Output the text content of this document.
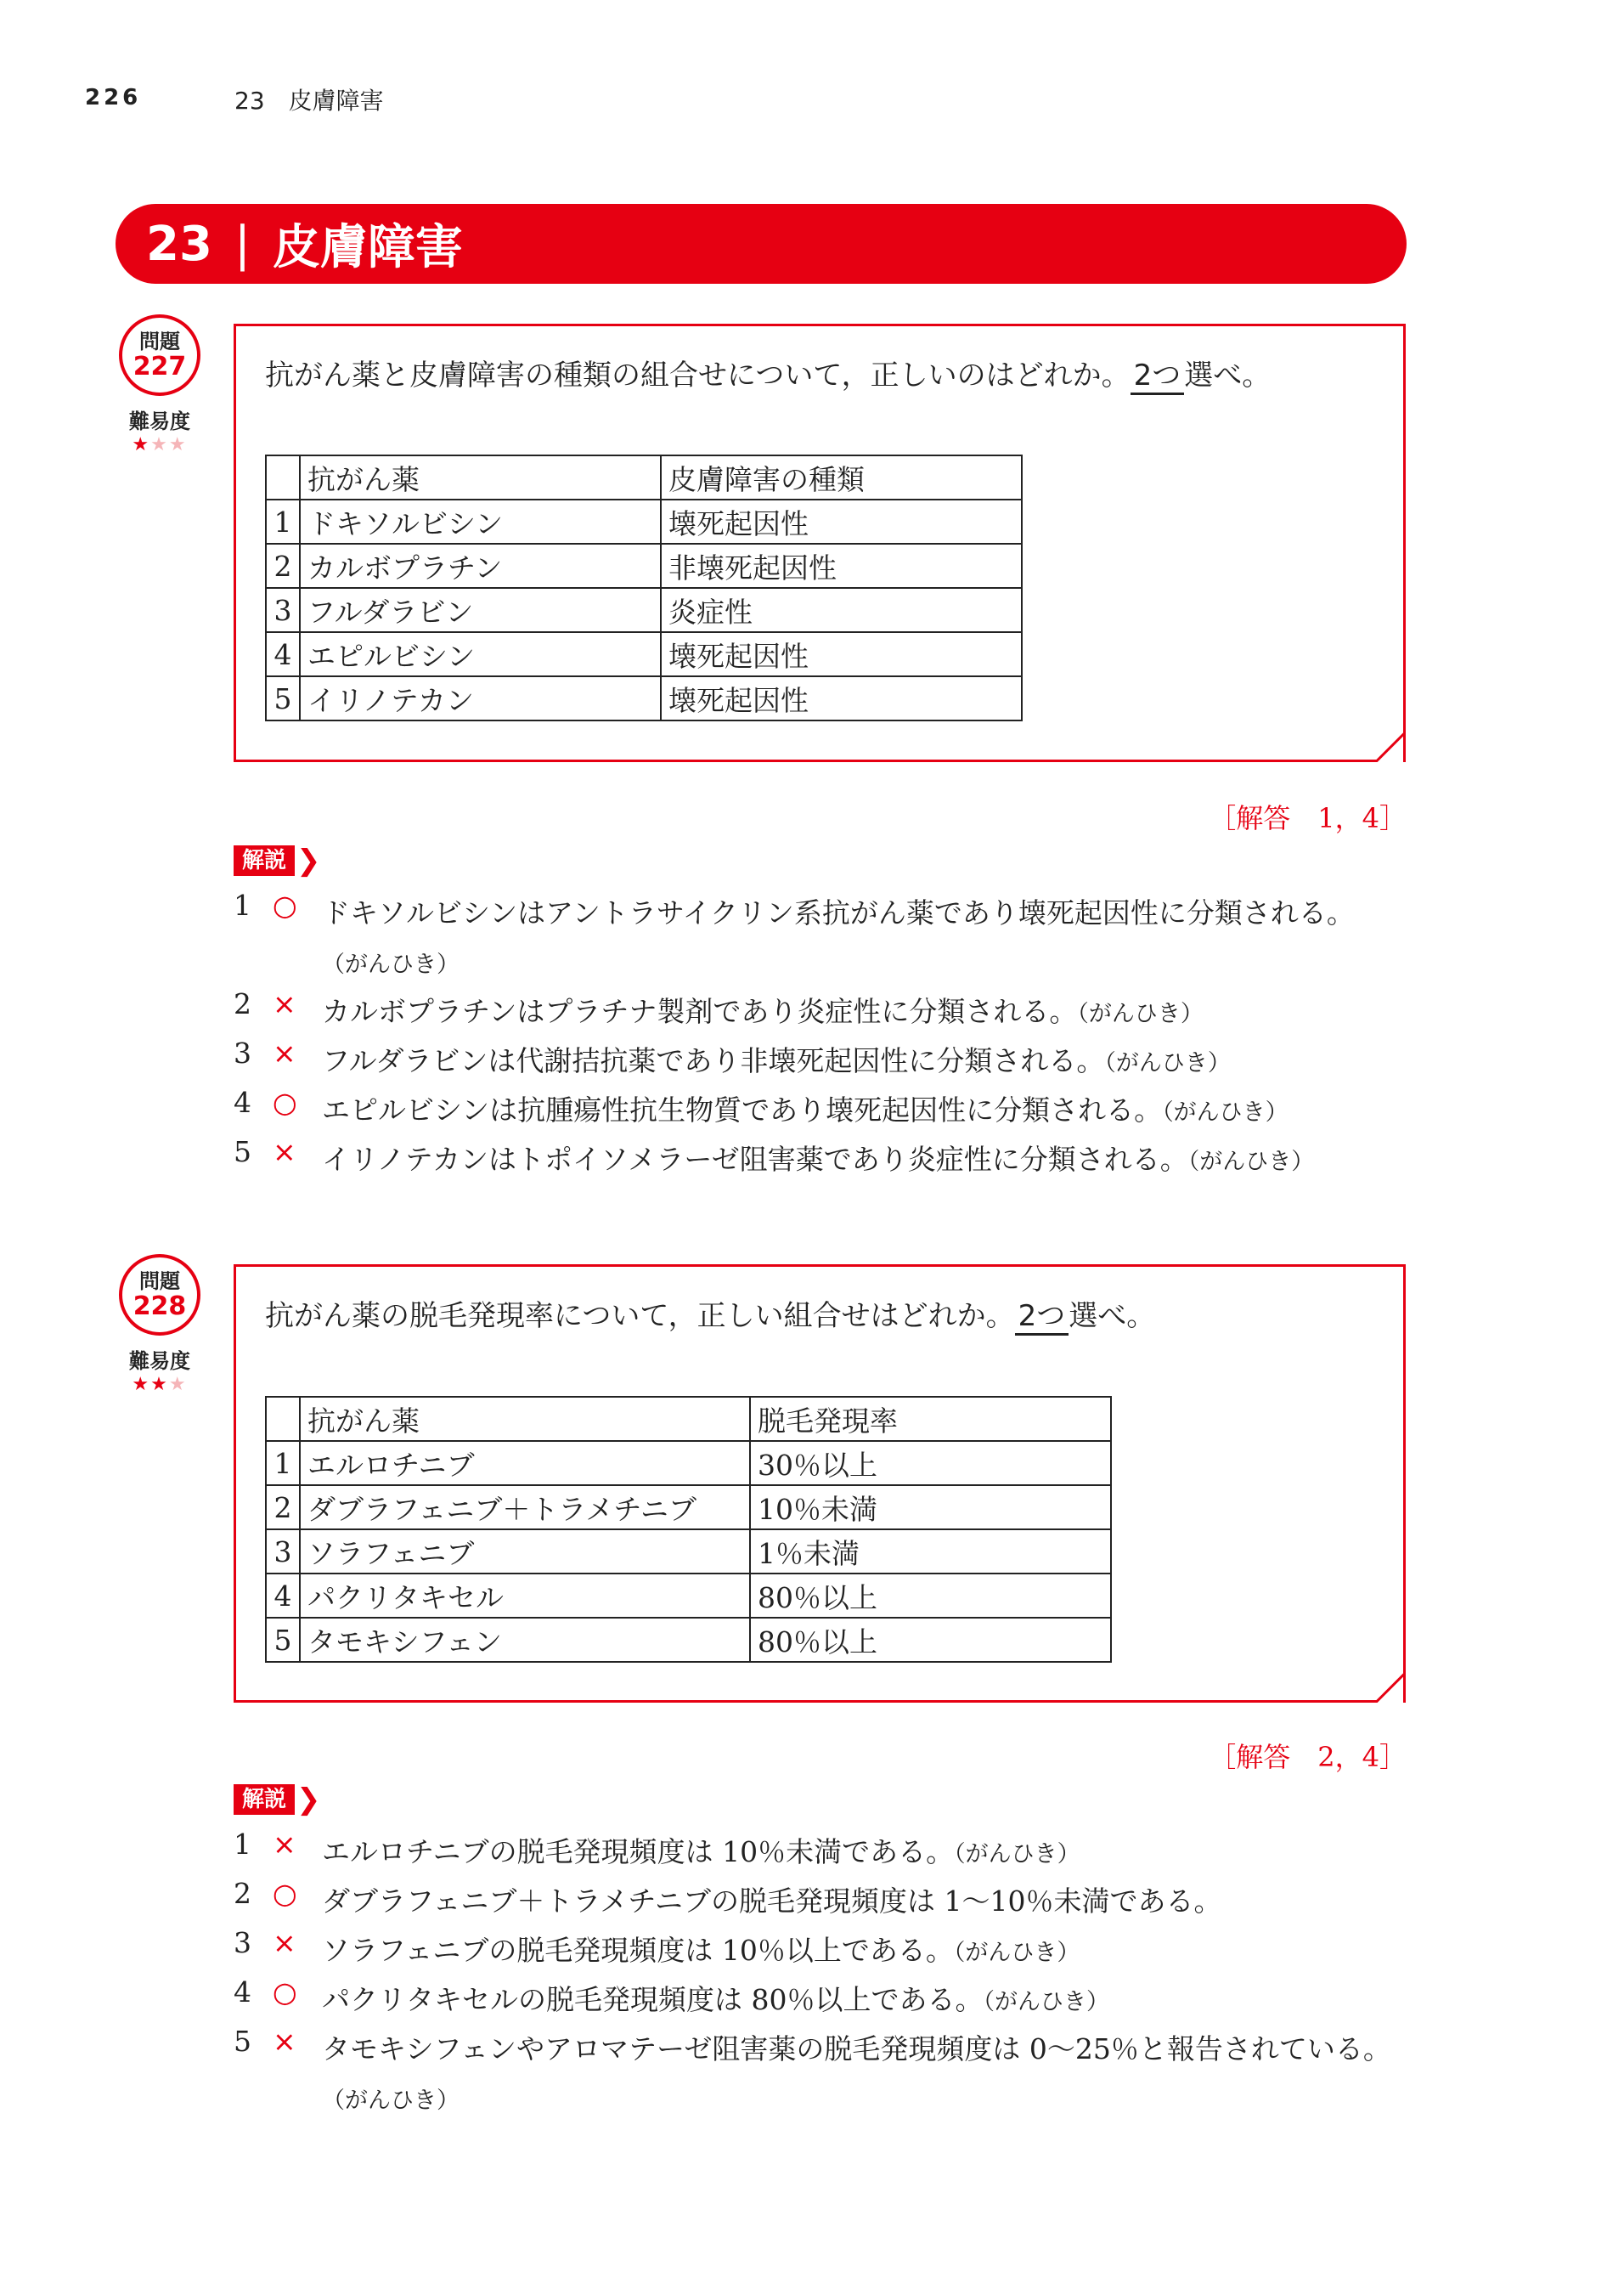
226	23　皮膚障害
23 | 皮膚障害
問題
227
難易度
★★★
抗がん薬と皮膚障害の種類の組合せについて，正しいのはどれか。 2つ 選べ。
	抗がん薬	皮膚障害の種類
1	ドキソルビシン	壊死起因性
2	カルボプラチン	非壊死起因性
3	フルダラビン	炎症性
4	エピルビシン	壊死起因性
5	イリノテカン	壊死起因性
［解答　1，4］
解説 ❯
1 ○ ドキソルビシンはアントラサイクリン系抗がん薬であり壊死起因性に分類される。
（がんひき）
2 × カルボプラチンはプラチナ製剤であり炎症性に分類される。（がんひき）
3 × フルダラビンは代謝拮抗薬であり非壊死起因性に分類される。（がんひき）
4 ○ エピルビシンは抗腫瘍性抗生物質であり壊死起因性に分類される。（がんひき）
5 × イリノテカンはトポイソメラーゼ阻害薬であり炎症性に分類される。（がんひき）
問題
228
難易度
★★★
抗がん薬の脱毛発現率について，正しい組合せはどれか。 2つ 選べ。
	抗がん薬	脱毛発現率
1	エルロチニブ	30％以上
2	ダブラフェニブ＋トラメチニブ	10％未満
3	ソラフェニブ	1％未満
4	パクリタキセル	80％以上
5	タモキシフェン	80％以上
［解答　2，4］
解説 ❯
1 × エルロチニブの脱毛発現頻度は 10％未満である。（がんひき）
2 ○ ダブラフェニブ＋トラメチニブの脱毛発現頻度は 1〜10％未満である。
3 × ソラフェニブの脱毛発現頻度は 10％以上である。（がんひき）
4 ○ パクリタキセルの脱毛発現頻度は 80％以上である。（がんひき）
5 × タモキシフェンやアロマテーゼ阻害薬の脱毛発現頻度は 0〜25％と報告されている。（がんひき）
